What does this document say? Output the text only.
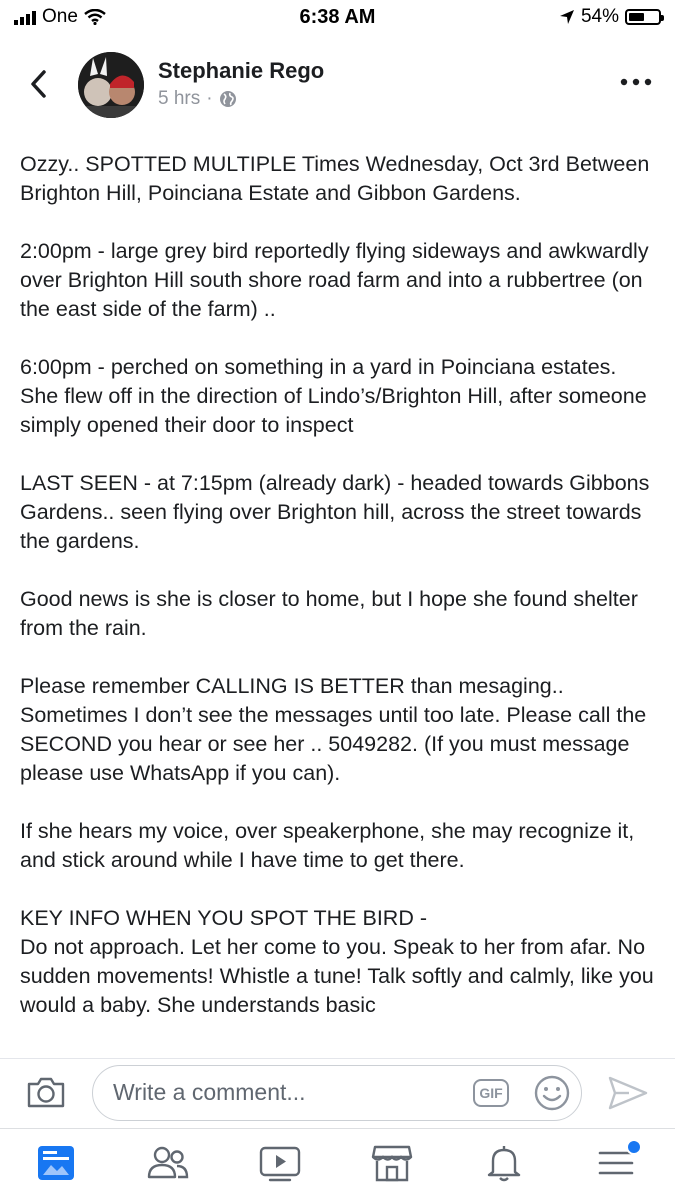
One	6:38 AM	54%
Stephanie Rego
5 hrs ·

Ozzy.. SPOTTED MULTIPLE Times Wednesday, Oct 3rd Between Brighton Hill, Poinciana Estate and Gibbon Gardens.

2:00pm - large grey bird reportedly flying sideways and awkwardly over Brighton Hill south shore road farm and into a rubbertree (on the east side of the farm) ..

6:00pm - perched on something in a yard in Poinciana estates. She flew off in the direction of Lindo’s/Brighton Hill, after someone simply opened their door to inspect

LAST SEEN - at 7:15pm (already dark) - headed towards Gibbons Gardens.. seen flying over Brighton hill, across the street towards the gardens.

Good news is she is closer to home, but I hope she found shelter from the rain.

Please remember CALLING IS BETTER than mesaging.. Sometimes I don’t see the messages until too late. Please call the SECOND you hear or see her .. 5049282. (If you must message please use WhatsApp if you can).

If she hears my voice, over speakerphone, she may recognize it, and stick around while I have time to get there.

KEY INFO WHEN YOU SPOT THE BIRD -
Do not approach. Let her come to you. Speak to her from afar. No sudden movements! Whistle a tune! Talk softly and calmly, like you would a baby. She understands basic

Write a comment...	GIF
